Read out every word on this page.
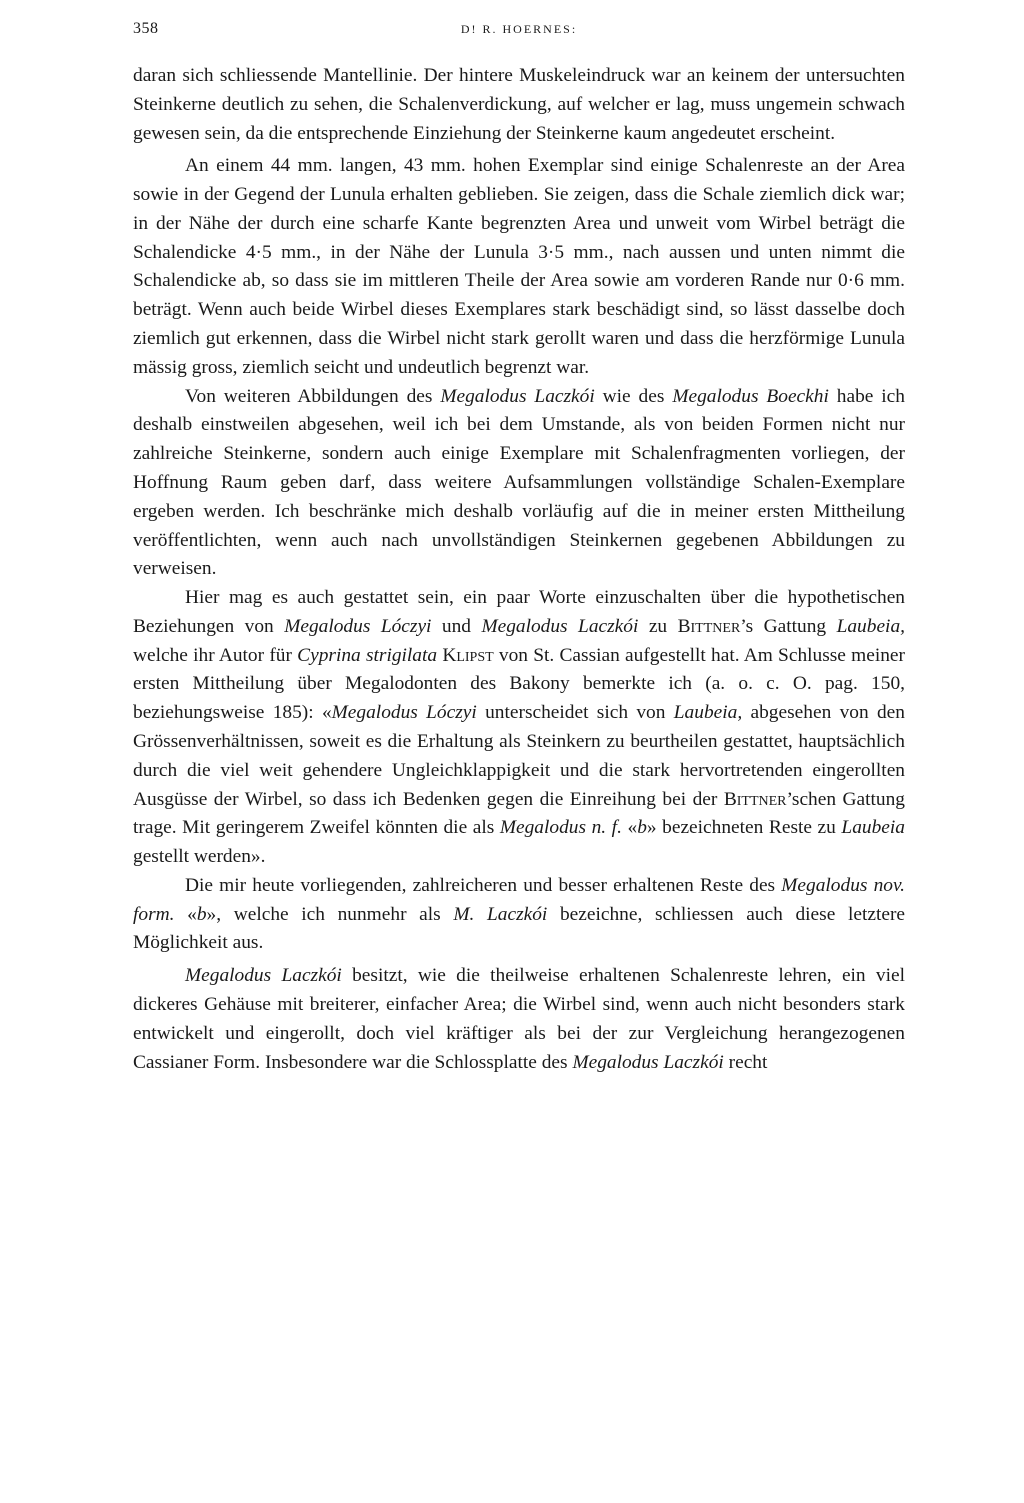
358	D! R. HOERNES:

daran sich schliessende Mantellinie. Der hintere Muskeleindruck war an keinem der untersuchten Steinkerne deutlich zu sehen, die Schalenverdickung, auf welcher er lag, muss ungemein schwach gewesen sein, da die entsprechende Einziehung der Steinkerne kaum angedeutet erscheint.

An einem 44 mm. langen, 43 mm. hohen Exemplar sind einige Schalenreste an der Area sowie in der Gegend der Lunula erhalten geblieben. Sie zeigen, dass die Schale ziemlich dick war; in der Nähe der durch eine scharfe Kante begrenzten Area und unweit vom Wirbel beträgt die Schalendicke 4·5 mm., in der Nähe der Lunula 3·5 mm., nach aussen und unten nimmt die Schalendicke ab, so dass sie im mittleren Theile der Area sowie am vorderen Rande nur 0·6 mm. beträgt. Wenn auch beide Wirbel dieses Exemplares stark beschädigt sind, so lässt dasselbe doch ziemlich gut erkennen, dass die Wirbel nicht stark gerollt waren und dass die herzförmige Lunula mässig gross, ziemlich seicht und undeutlich begrenzt war.

Von weiteren Abbildungen des Megalodus Laczkói wie des Megalodus Boeckhi habe ich deshalb einstweilen abgesehen, weil ich bei dem Umstande, als von beiden Formen nicht nur zahlreiche Steinkerne, sondern auch einige Exemplare mit Schalenfragmenten vorliegen, der Hoffnung Raum geben darf, dass weitere Aufsammlungen vollständige Schalen-Exemplare ergeben werden. Ich beschränke mich deshalb vorläufig auf die in meiner ersten Mittheilung veröffentlichten, wenn auch nach unvollständigen Steinkernen gegebenen Abbildungen zu verweisen.

Hier mag es auch gestattet sein, ein paar Worte einzuschalten über die hypothetischen Beziehungen von Megalodus Lóczyi und Megalodus Laczkói zu Bittner’s Gattung Laubeia, welche ihr Autor für Cyprina strigilata Klipst von St. Cassian aufgestellt hat. Am Schlusse meiner ersten Mittheilung über Megalodonten des Bakony bemerkte ich (a. o. c. O. pag. 150, beziehungsweise 185): «Megalodus Lóczyi unterscheidet sich von Laubeia, abgesehen von den Grössenverhältnissen, soweit es die Erhaltung als Steinkern zu beurtheilen gestattet, hauptsächlich durch die viel weit gehendere Ungleichklappigkeit und die stark hervortretenden eingerollten Ausgüsse der Wirbel, so dass ich Bedenken gegen die Einreihung bei der Bittner’schen Gattung trage. Mit geringerem Zweifel könnten die als Megalodus n. f. «b» bezeichneten Reste zu Laubeia gestellt werden».

Die mir heute vorliegenden, zahlreicheren und besser erhaltenen Reste des Megalodus nov. form. «b», welche ich nunmehr als M. Laczkói bezeichne, schliessen auch diese letztere Möglichkeit aus.

Megalodus Laczkói besitzt, wie die theilweise erhaltenen Schalenreste lehren, ein viel dickeres Gehäuse mit breiterer, einfacher Area; die Wirbel sind, wenn auch nicht besonders stark entwickelt und eingerollt, doch viel kräftiger als bei der zur Vergleichung herangezogenen Cassianer Form. Insbesondere war die Schlossplatte des Megalodus Laczkói recht
